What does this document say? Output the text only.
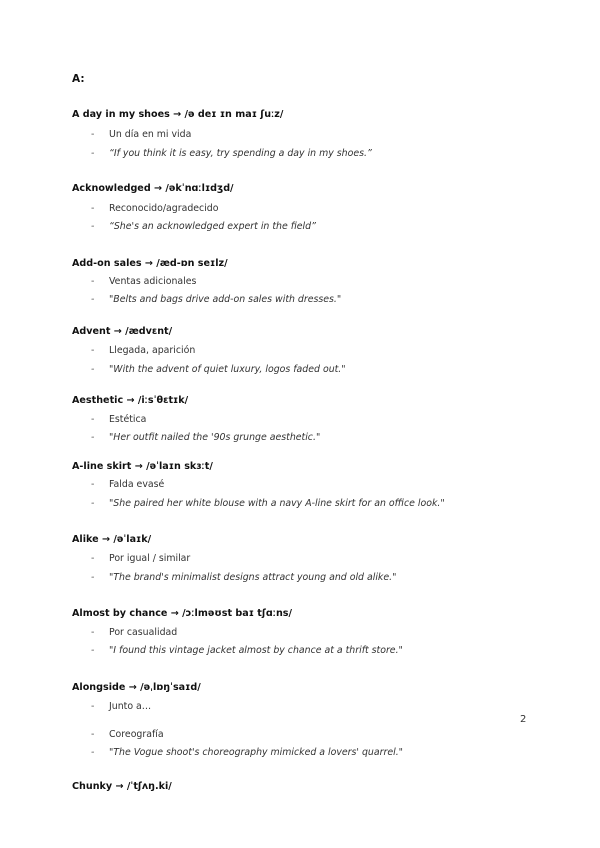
A:
A day in my shoes → /ə deɪ ɪn maɪ ʃuːz/
- Un día en mi vida
- “If you think it is easy, try spending a day in my shoes.”
Acknowledged → /əkˈnɑːlɪdʒd/
- Reconocido/agradecido
- “She's an acknowledged expert in the field”
Add-on sales → /æd-ɒn seɪlz/
- Ventas adicionales
- "Belts and bags drive add-on sales with dresses."
Advent → /ædvɛnt/
- Llegada, aparición
- "With the advent of quiet luxury, logos faded out."
Aesthetic → /iːsˈθɛtɪk/
- Estética
- "Her outfit nailed the '90s grunge aesthetic."
A-line skirt → /əˈlaɪn skɜːt/
- Falda evasé
- "She paired her white blouse with a navy A-line skirt for an office look."
Alike → /əˈlaɪk/
- Por igual / similar
- "The brand's minimalist designs attract young and old alike."
Almost by chance → /ɔːlməʊst baɪ tʃɑːns/
- Por casualidad
- "I found this vintage jacket almost by chance at a thrift store."
Alongside → /əˌlɒŋˈsaɪd/
- Junto a…
- Coreografía
- "The Vogue shoot's choreography mimicked a lovers' quarrel."
Chunky → /ˈtʃʌŋ.ki/
2
